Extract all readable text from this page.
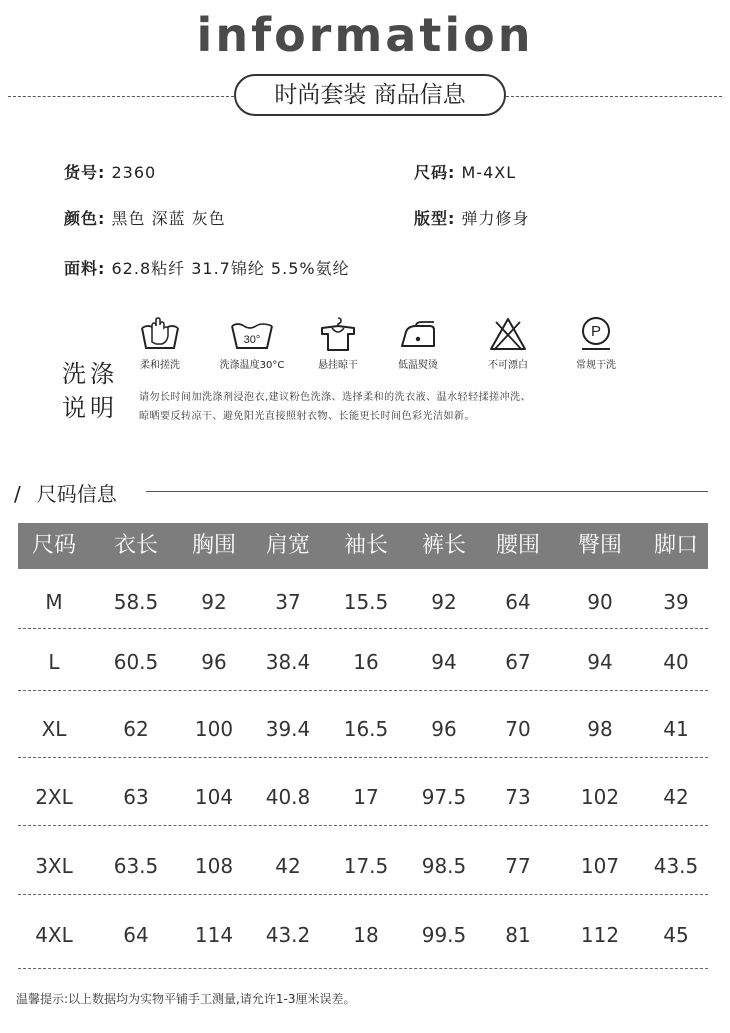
information
时尚套装 商品信息
货号: 2360	尺码: M-4XL
颜色: 黑色 深蓝 灰色	版型: 弹力修身
面料: 62.8粘纤 31.7锦纶 5.5%氨纶
洗涤
说明
柔和搓洗
30°
洗涤温度30°C	悬挂晾干	低温熨烫	不可漂白
P
常规干洗
请勿长时间加洗涤剂浸泡衣,建议粉色洗涤、选择柔和的洗衣液、温水轻轻揉搓冲洗、
晾晒要反转凉干、避免阳光直接照射衣物、长能更长时间色彩光洁如新。
/ 尺码信息
尺码	衣长	胸围	肩宽	袖长	裤长	腰围	臀围	脚口
M	58.5	92	37	15.5	92	64	90	39
L	60.5	96	38.4	16	94	67	94	40
XL	62	100	39.4	16.5	96	70	98	41
2XL	63	104	40.8	17	97.5	73	102	42
3XL	63.5	108	42	17.5	98.5	77	107	43.5
4XL	64	114	43.2	18	99.5	81	112	45
温馨提示:以上数据均为实物平铺手工测量,请允许1-3厘米误差。
